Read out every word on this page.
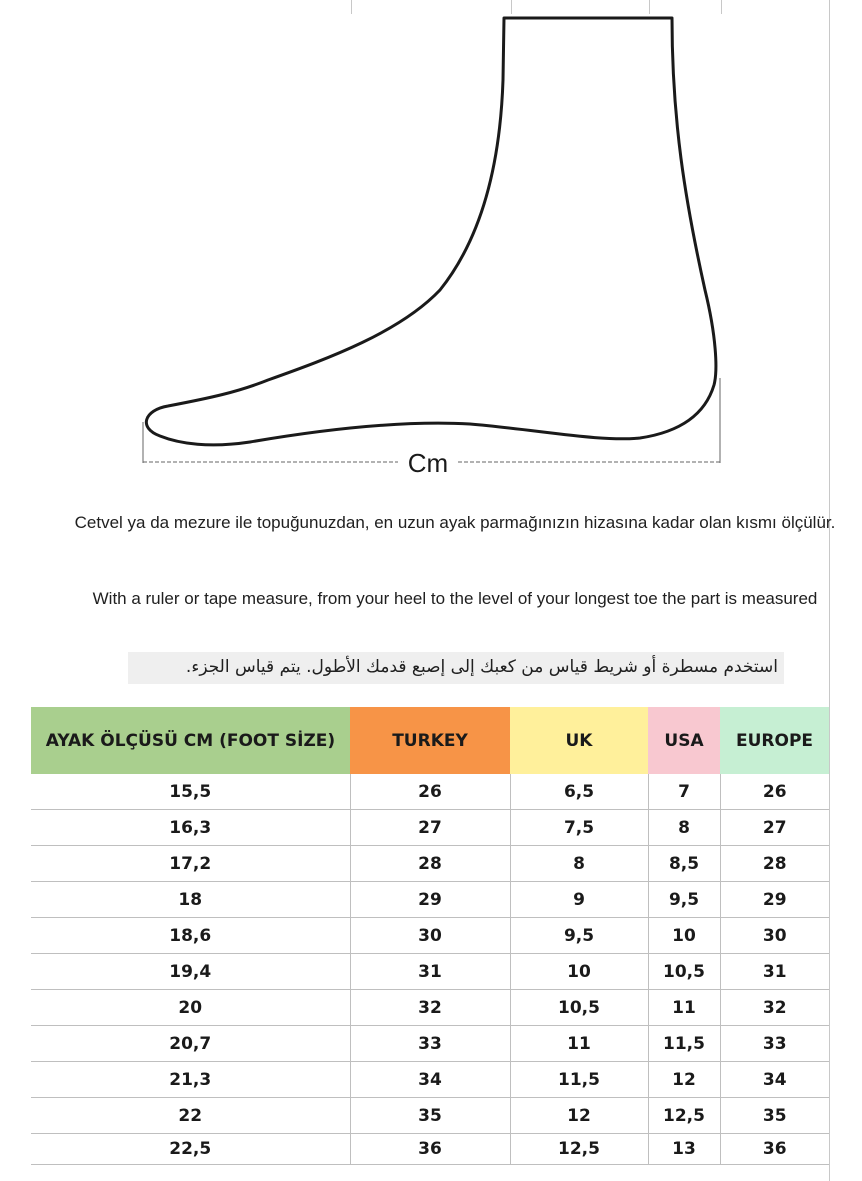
Cm
Cetvel ya da mezure ile topuğunuzdan, en uzun ayak parmağınızın hizasına kadar olan kısmı ölçülür.
With a ruler or tape measure, from your heel to the level of your longest toe the part is measured
استخدم مسطرة أو شريط قياس من كعبك إلى إصبع قدمك الأطول. يتم قياس الجزء.
AYAK ÖLÇÜSÜ CM (FOOT SİZE)	TURKEY	UK	USA	EUROPE
15,5	26	6,5	7	26
16,3	27	7,5	8	27
17,2	28	8	8,5	28
18	29	9	9,5	29
18,6	30	9,5	10	30
19,4	31	10	10,5	31
20	32	10,5	11	32
20,7	33	11	11,5	33
21,3	34	11,5	12	34
22	35	12	12,5	35
22,5	36	12,5	13	36
